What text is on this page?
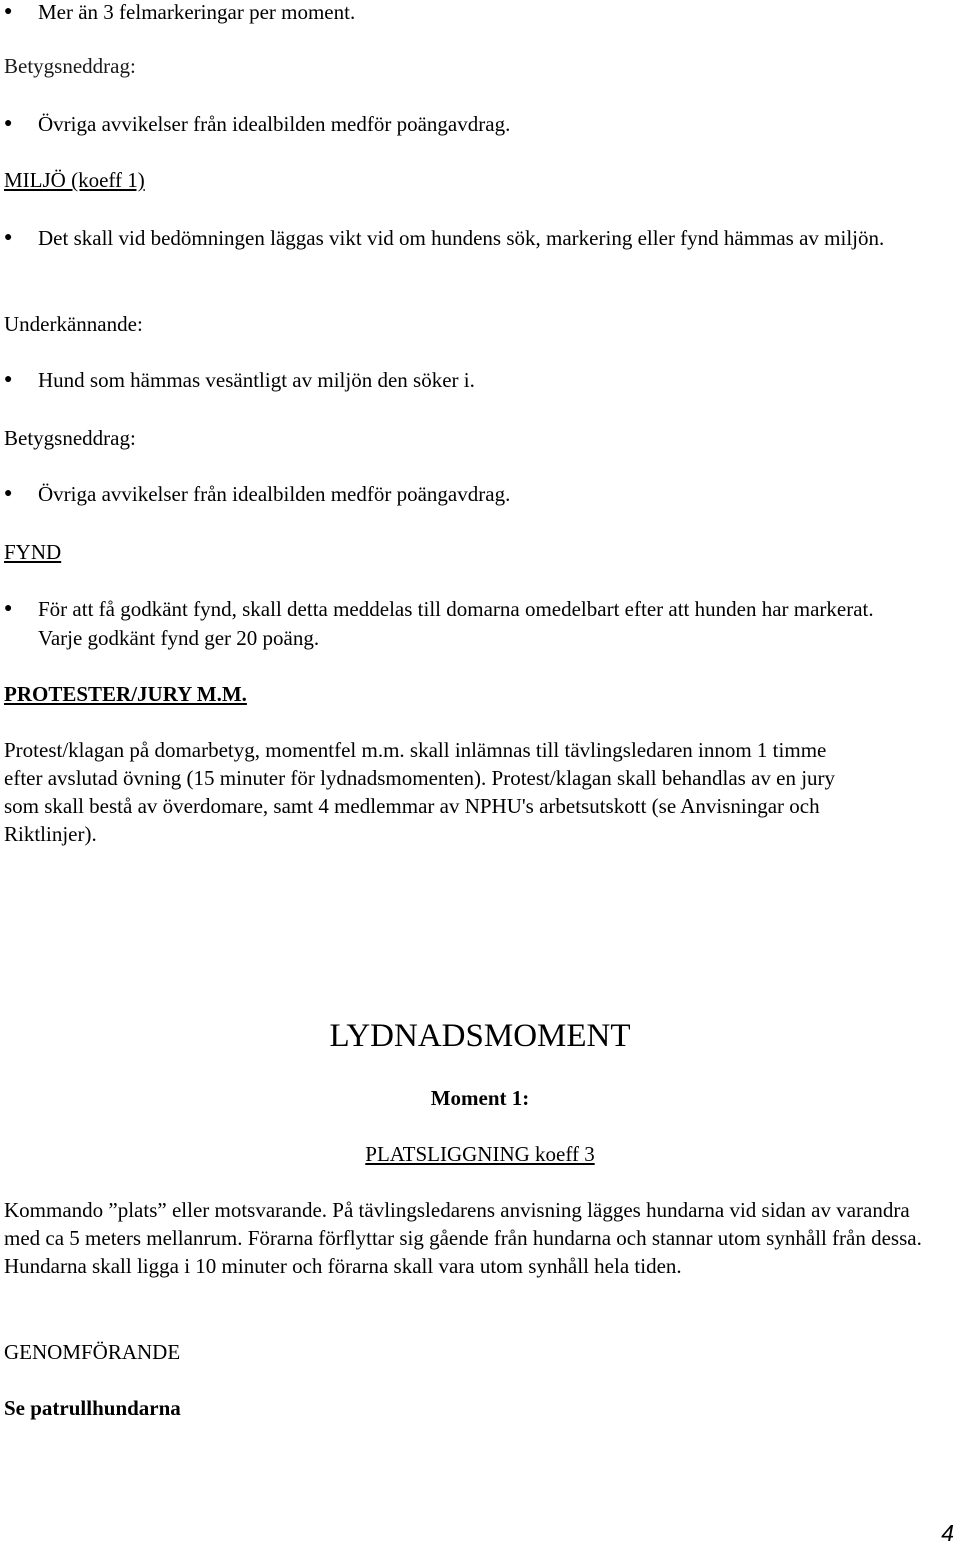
●	Mer än 3 felmarkeringar per moment.
Betygsneddrag:
●	Övriga avvikelser från idealbilden medför poängavdrag.
MILJÖ (koeff 1)
●	Det skall vid bedömningen läggas vikt vid om hundens sök, markering eller fynd hämmas av miljön.
Underkännande:
●	Hund som hämmas vesäntligt av miljön den söker i.
Betygsneddrag:
●	Övriga avvikelser från idealbilden medför poängavdrag.
FYND
●	För att få godkänt fynd, skall detta meddelas till domarna omedelbart efter att hunden har markerat. Varje godkänt fynd ger 20 poäng.
PROTESTER/JURY M.M.
Protest/klagan på domarbetyg, momentfel m.m. skall inlämnas till tävlingsledaren innom 1 timme efter avslutad övning (15 minuter för lydnadsmomenten). Protest/klagan skall behandlas av en jury som skall bestå av överdomare, samt 4 medlemmar av NPHU's arbetsutskott (se Anvisningar och Riktlinjer).
LYDNADSMOMENT
Moment 1:
PLATSLIGGNING koeff 3
Kommando ”plats” eller motsvarande. På tävlingsledarens anvisning lägges hundarna vid sidan av varandra med ca 5 meters mellanrum. Förarna förflyttar sig gående från hundarna och stannar utom synhåll från dessa. Hundarna skall ligga i 10 minuter och förarna skall vara utom synhåll hela tiden.
GENOMFÖRANDE
Se patrullhundarna
4
